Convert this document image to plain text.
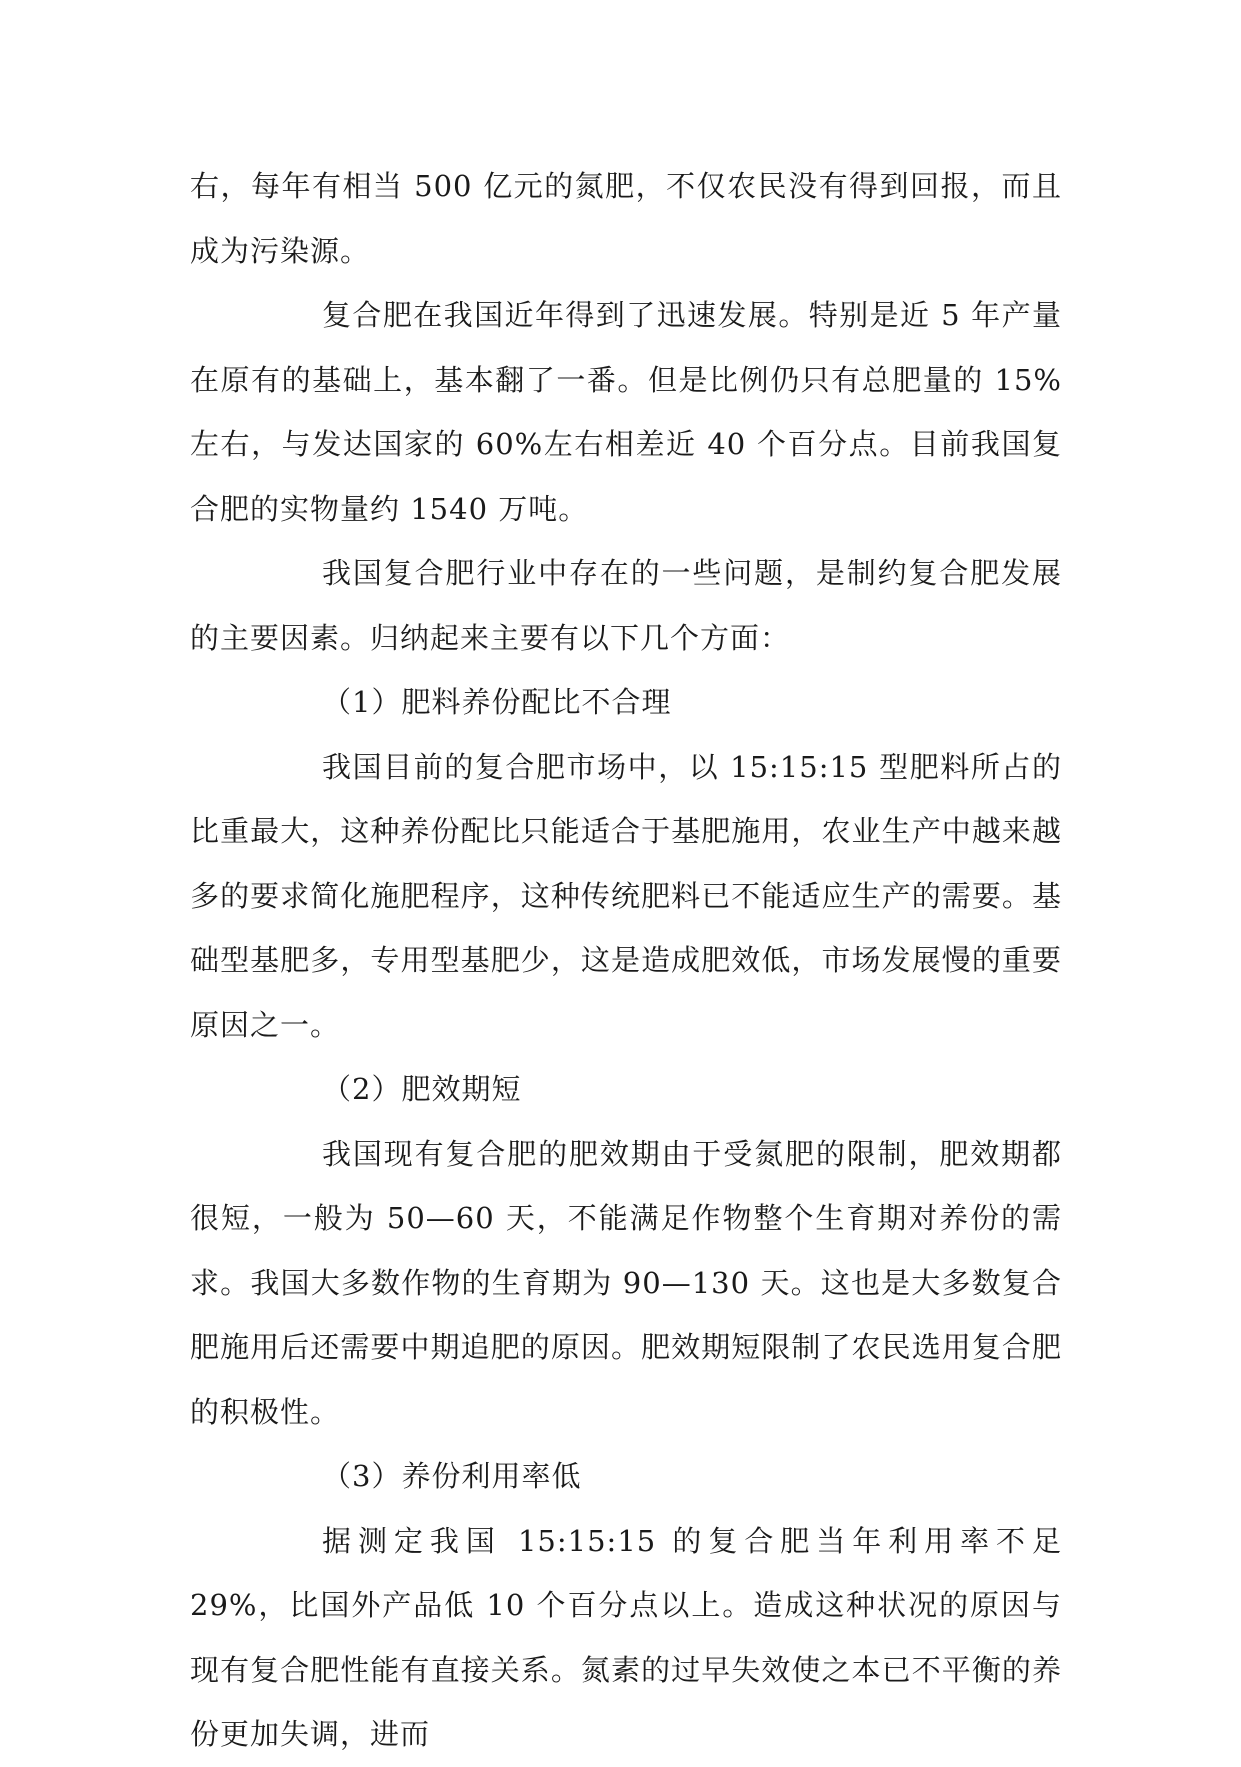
右，每年有相当 500 亿元的氮肥，不仅农民没有得到回报，而且成为污染源。

复合肥在我国近年得到了迅速发展。特别是近 5 年产量在原有的基础上，基本翻了一番。但是比例仍只有总肥量的 15%左右，与发达国家的 60%左右相差近 40 个百分点。目前我国复合肥的实物量约 1540 万吨。

我国复合肥行业中存在的一些问题，是制约复合肥发展的主要因素。归纳起来主要有以下几个方面：

（1）肥料养份配比不合理

我国目前的复合肥市场中，以 15:15:15 型肥料所占的比重最大，这种养份配比只能适合于基肥施用，农业生产中越来越多的要求简化施肥程序，这种传统肥料已不能适应生产的需要。基础型基肥多，专用型基肥少，这是造成肥效低，市场发展慢的重要原因之一。

（2）肥效期短

我国现有复合肥的肥效期由于受氮肥的限制，肥效期都很短，一般为 50—60 天，不能满足作物整个生育期对养份的需求。我国大多数作物的生育期为 90—130 天。这也是大多数复合肥施用后还需要中期追肥的原因。肥效期短限制了农民选用复合肥的积极性。

（3）养份利用率低

据测定我国 15:15:15 的复合肥当年利用率不足 29%，比国外产品低 10 个百分点以上。造成这种状况的原因与现有复合肥性能有直接关系。氮素的过早失效使之本已不平衡的养份更加失调，进而
